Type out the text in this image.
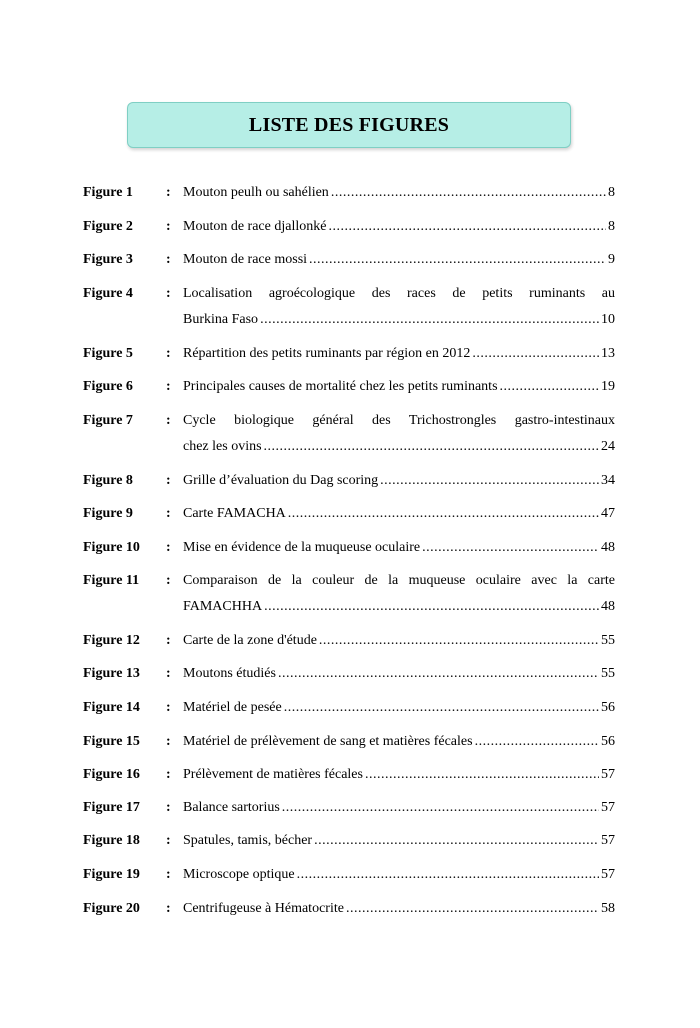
LISTE DES FIGURES
Figure 1 : Mouton peulh ou sahélien .....	8
Figure 2 : Mouton de race djallonké .....	8
Figure 3 : Mouton de race mossi .....	9
Figure 4 : Localisation agroécologique des races de petits ruminants au
Burkina Faso .....	10
Figure 5 : Répartition des petits ruminants par région en 2012 .....	13
Figure 6 : Principales causes de mortalité chez les petits ruminants .....	19
Figure 7 : Cycle biologique général des Trichostrongles gastro-intestinaux
chez les ovins .....	24
Figure 8 : Grille d’évaluation du Dag scoring .....	34
Figure 9 : Carte FAMACHA .....	47
Figure 10 : Mise en évidence de la muqueuse oculaire .....	48
Figure 11 : Comparaison de la couleur de la muqueuse oculaire avec la carte
FAMACHHA .....	48
Figure 12 : Carte de la zone d'étude .....	55
Figure 13 : Moutons étudiés .....	55
Figure 14 : Matériel de pesée .....	56
Figure 15 : Matériel de prélèvement de sang et matières fécales .....	56
Figure 16 : Prélèvement de matières fécales .....	57
Figure 17 : Balance sartorius .....	57
Figure 18 : Spatules, tamis, bécher .....	57
Figure 19 : Microscope optique .....	57
Figure 20 : Centrifugeuse à Hématocrite .....	58
